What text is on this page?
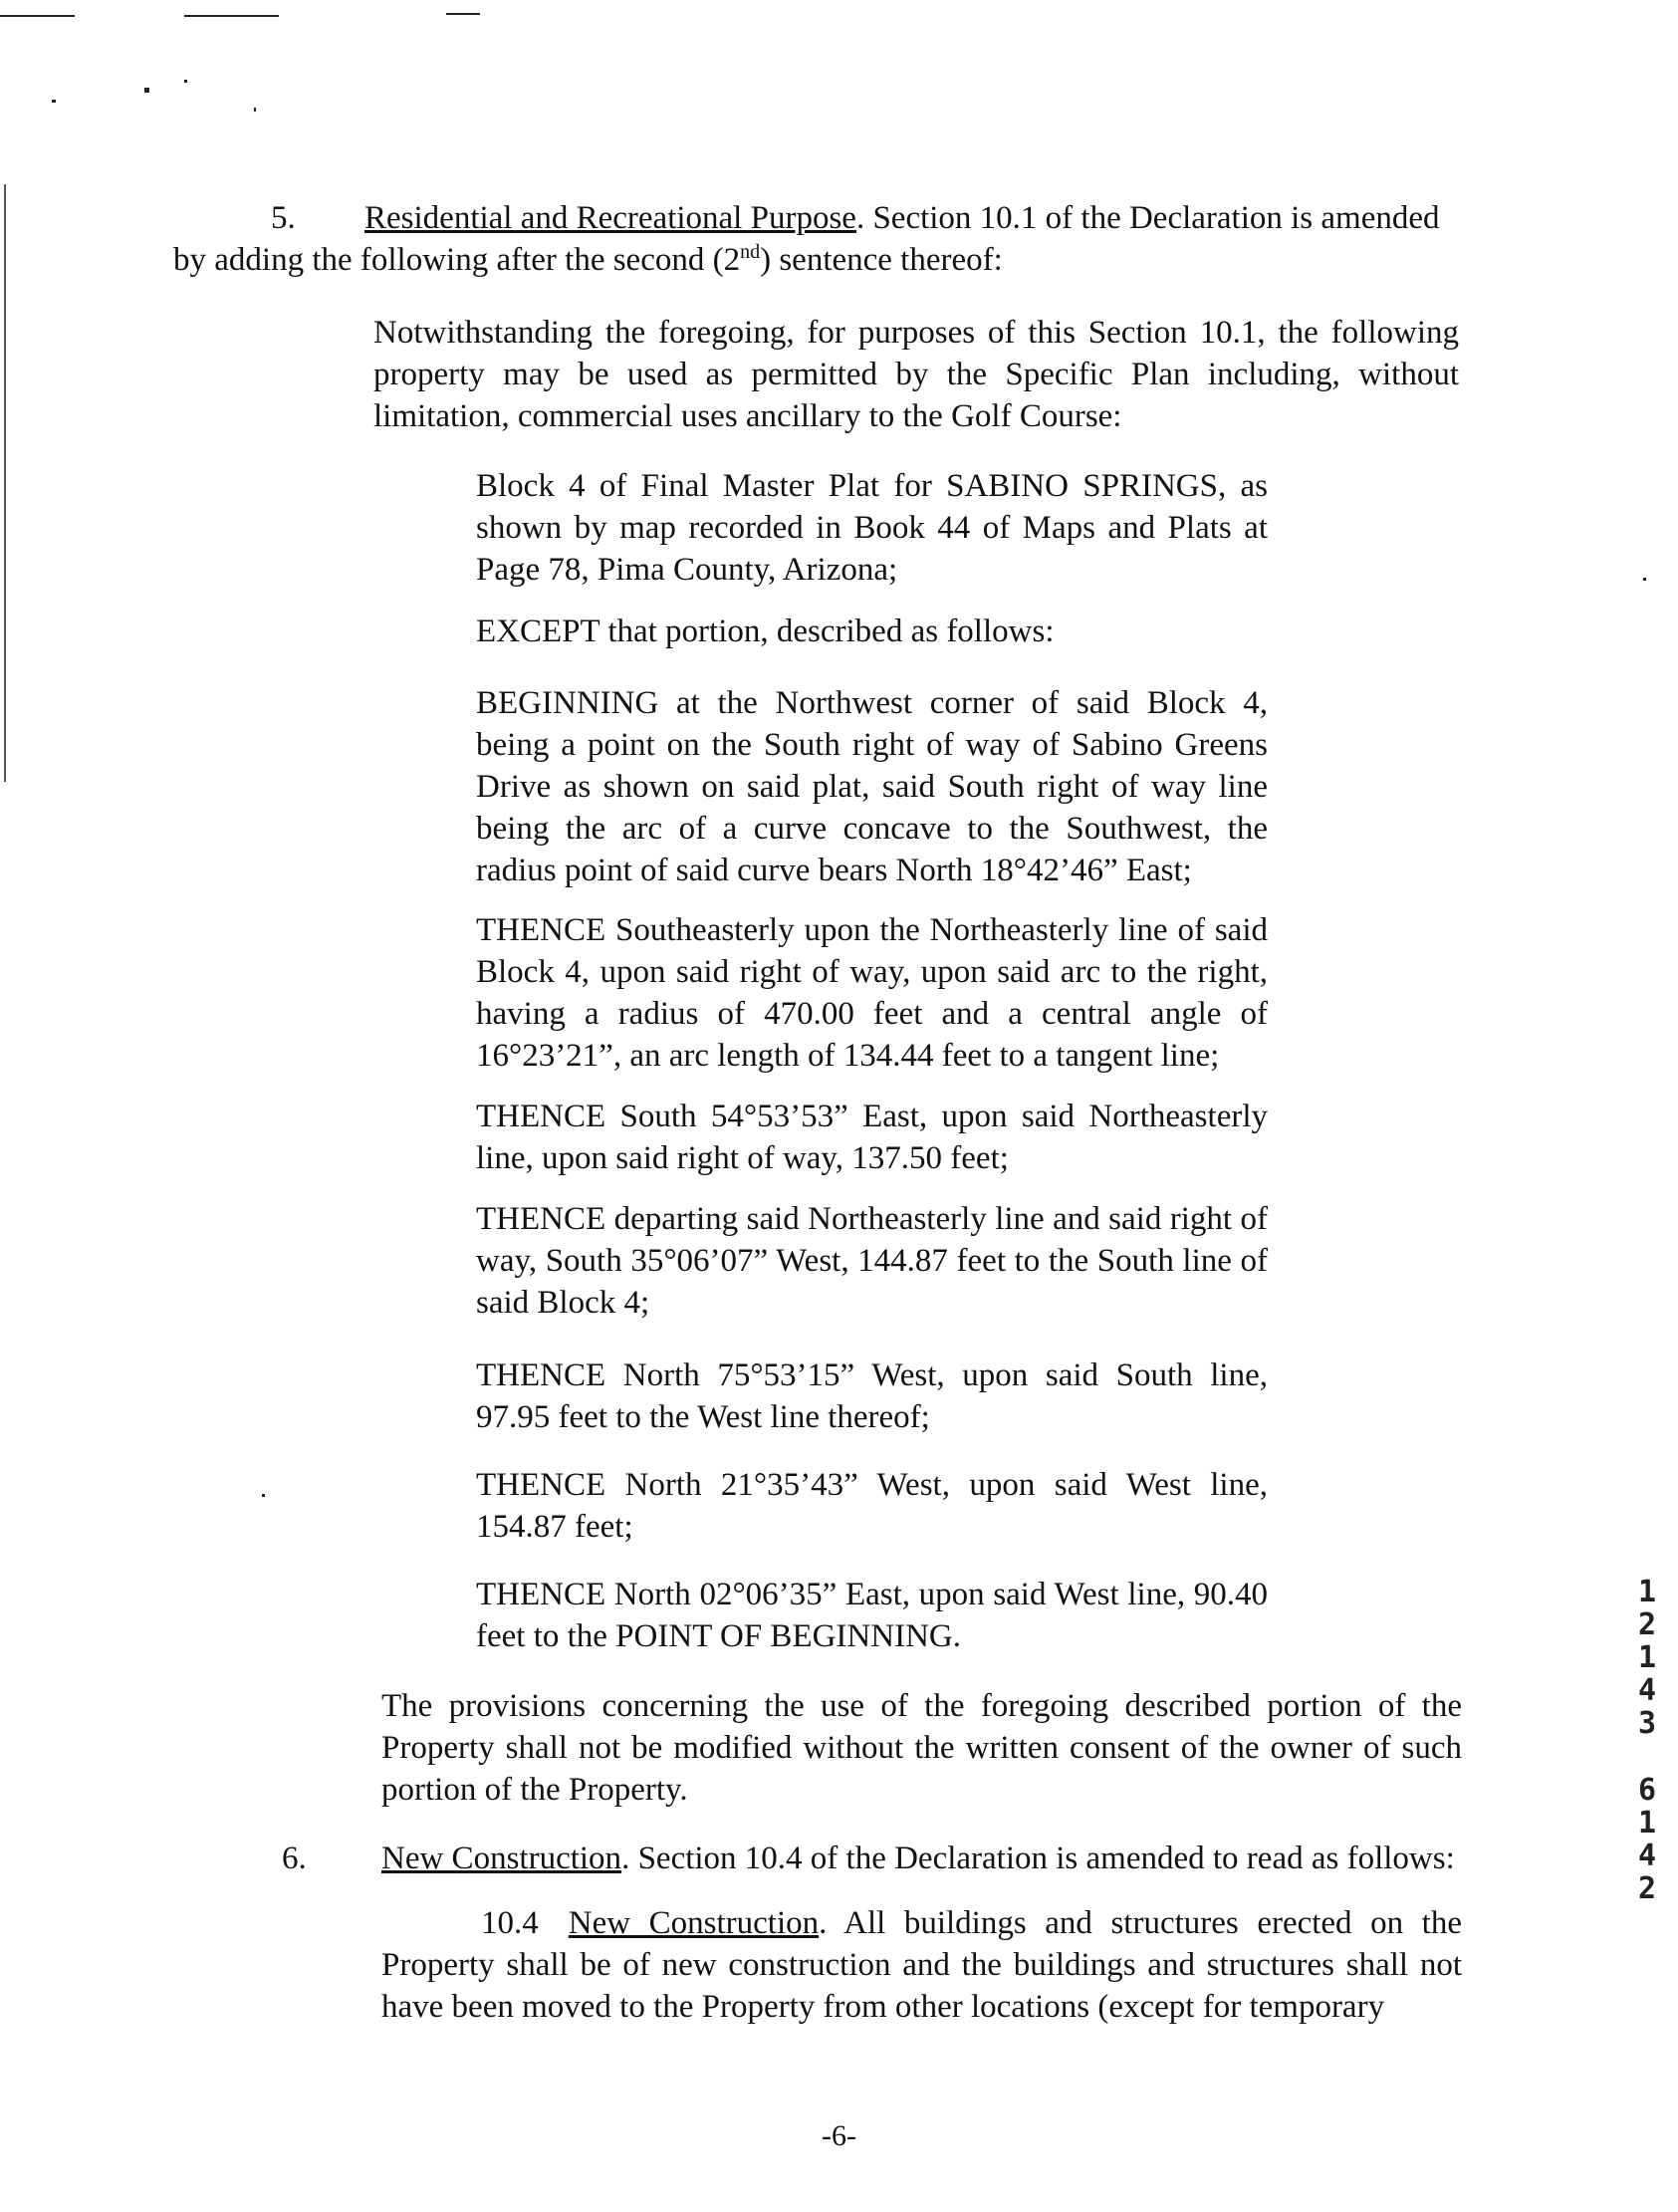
5. Residential and Recreational Purpose. Section 10.1 of the Declaration is amended
by adding the following after the second (2nd) sentence thereof:
Notwithstanding the foregoing, for purposes of this Section 10.1, the following property may be used as permitted by the Specific Plan including, without limitation, commercial uses ancillary to the Golf Course:
Block 4 of Final Master Plat for SABINO SPRINGS, as shown by map recorded in Book 44 of Maps and Plats at Page 78, Pima County, Arizona;
EXCEPT that portion, described as follows:
BEGINNING at the Northwest corner of said Block 4, being a point on the South right of way of Sabino Greens Drive as shown on said plat, said South right of way line being the arc of a curve concave to the Southwest, the radius point of said curve bears North 18°42’46” East;
THENCE Southeasterly upon the Northeasterly line of said Block 4, upon said right of way, upon said arc to the right, having a radius of 470.00 feet and a central angle of 16°23’21”, an arc length of 134.44 feet to a tangent line;
THENCE South 54°53’53” East, upon said Northeasterly line, upon said right of way, 137.50 feet;
THENCE departing said Northeasterly line and said right of way, South 35°06’07” West, 144.87 feet to the South line of said Block 4;
THENCE North 75°53’15” West, upon said South line, 97.95 feet to the West line thereof;
THENCE North 21°35’43” West, upon said West line, 154.87 feet;
THENCE North 02°06’35” East, upon said West line, 90.40 feet to the POINT OF BEGINNING.
The provisions concerning the use of the foregoing described portion of the Property shall not be modified without the written consent of the owner of such portion of the Property.
6. New Construction. Section 10.4 of the Declaration is amended to read as follows:
10.4 New Construction. All buildings and structures erected on the Property shall be of new construction and the buildings and structures shall not have been moved to the Property from other locations (except for temporary
1
2
1
4
3
6
1
4
2
-6-
